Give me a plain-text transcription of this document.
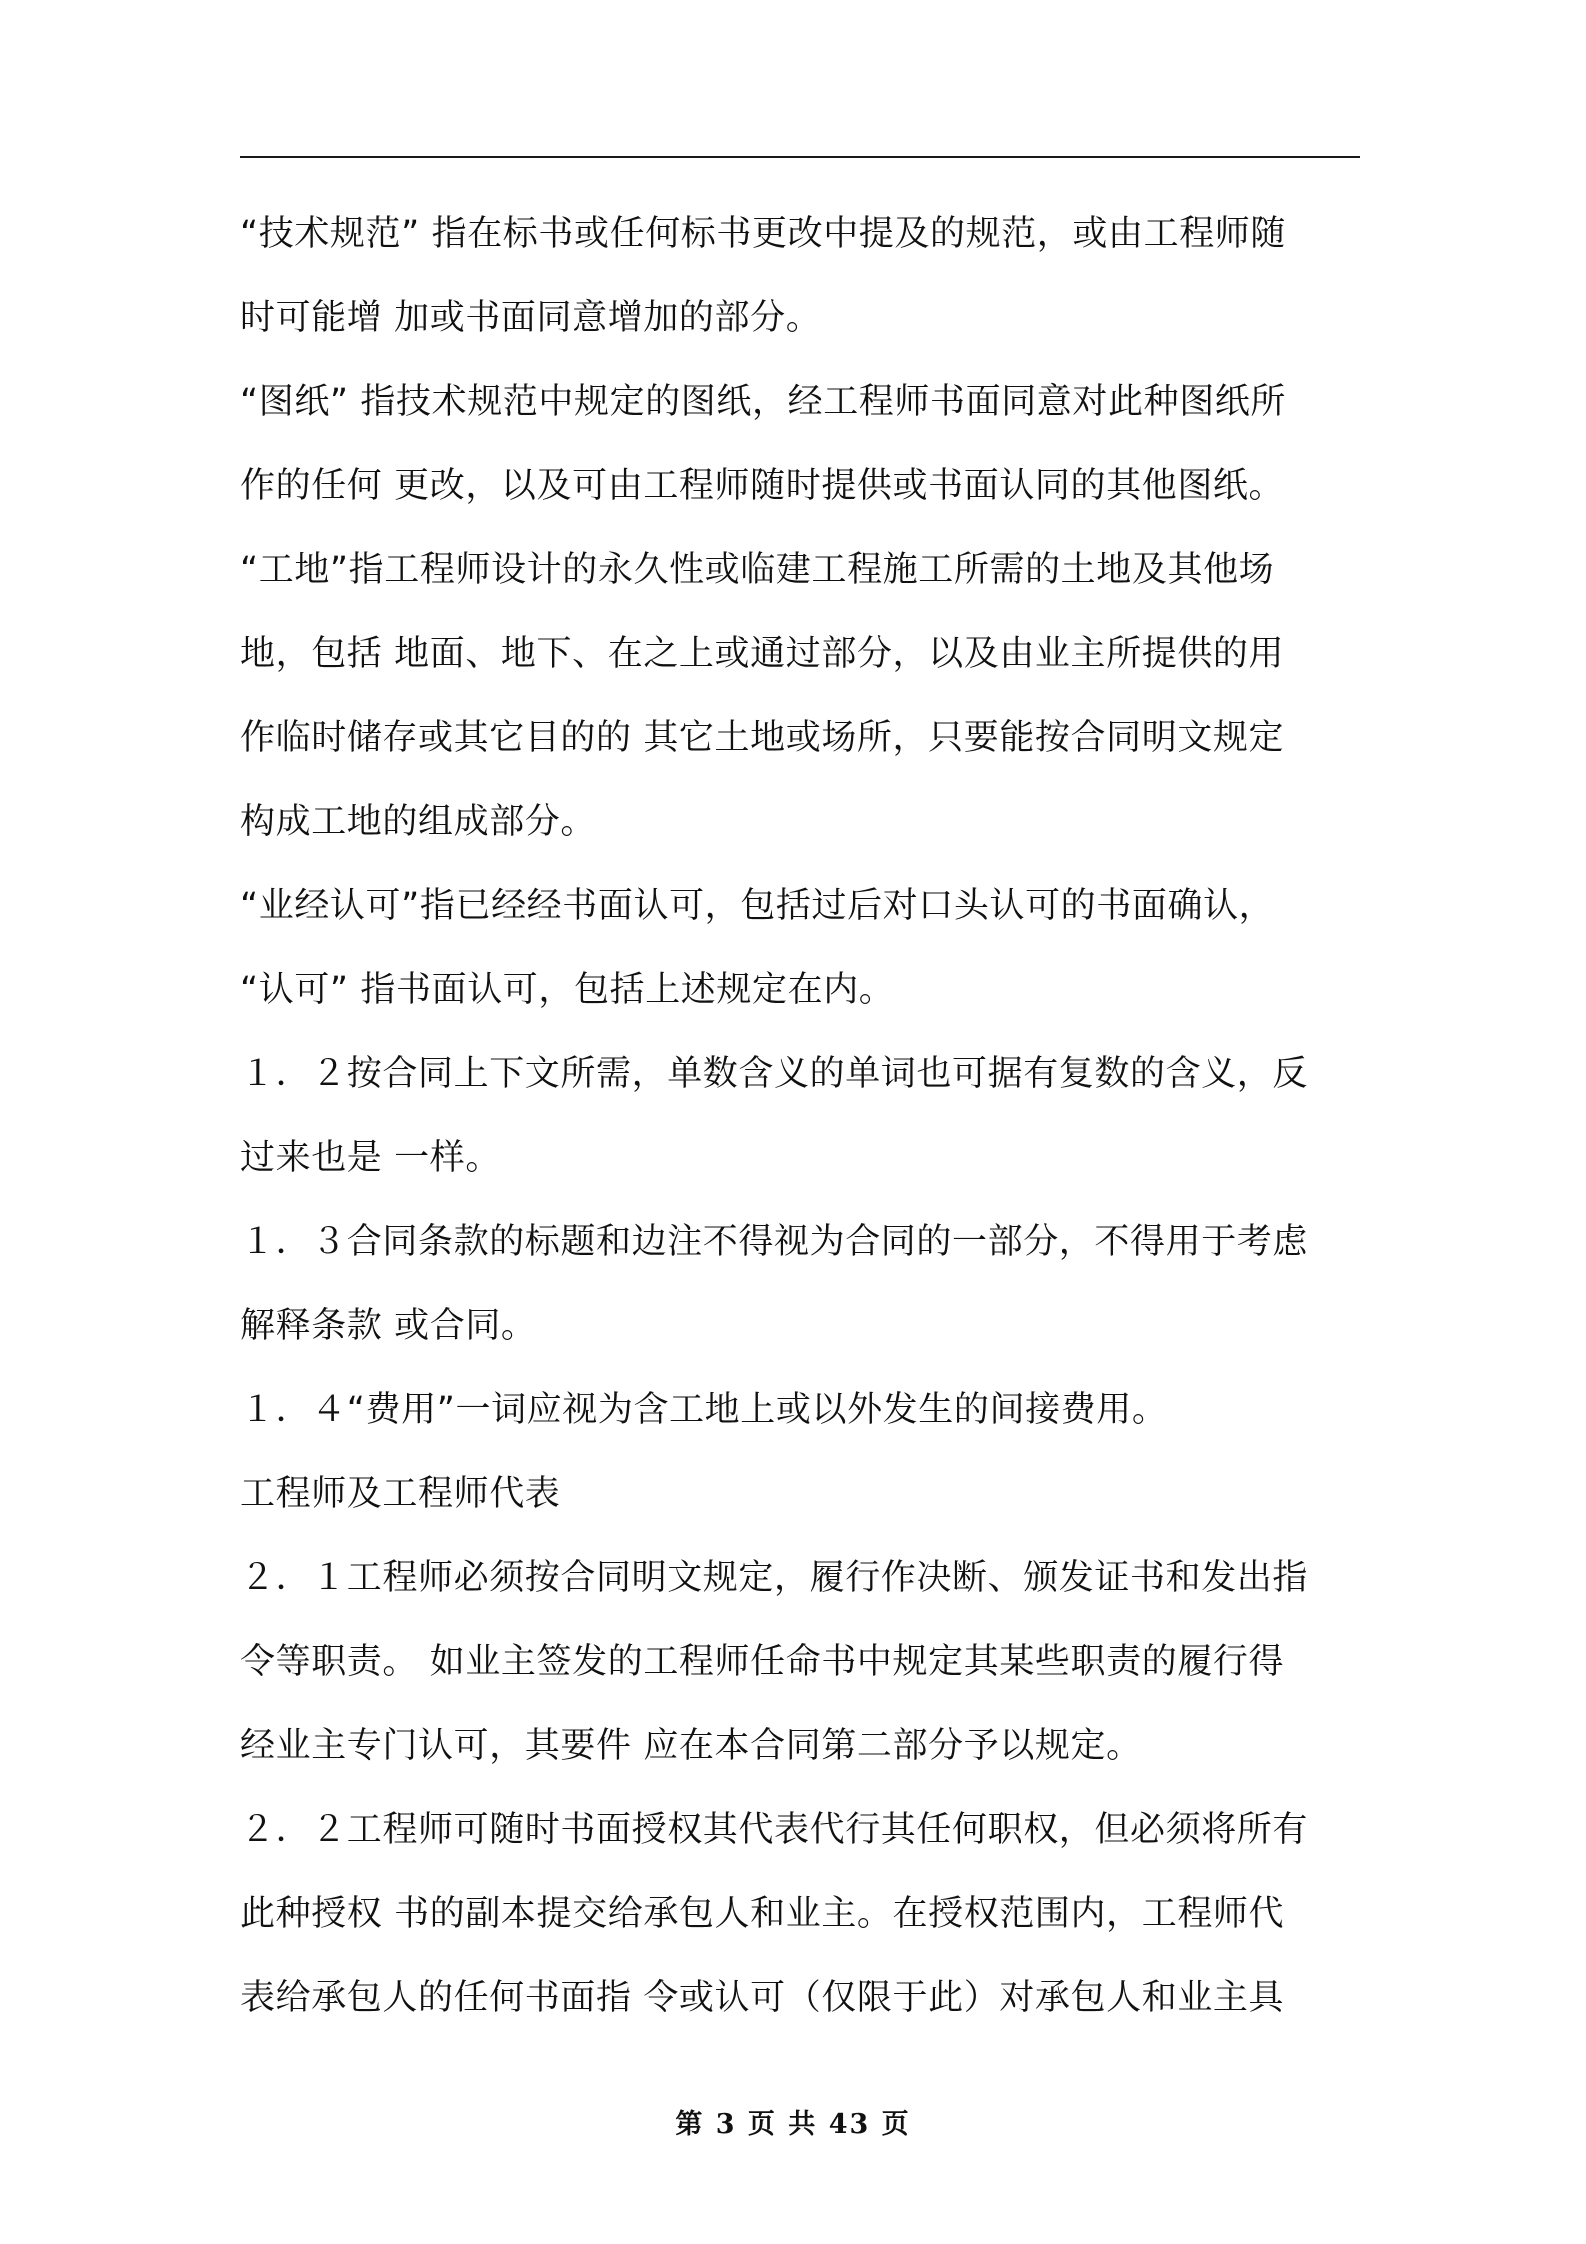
“技术规范” 指在标书或任何标书更改中提及的规范，或由工程师随
时可能增 加或书面同意增加的部分。
“图纸” 指技术规范中规定的图纸，经工程师书面同意对此种图纸所
作的任何 更改，以及可由工程师随时提供或书面认同的其他图纸。
“工地”指工程师设计的永久性或临建工程施工所需的土地及其他场
地，包括 地面、地下、在之上或通过部分，以及由业主所提供的用
作临时储存或其它目的的 其它土地或场所，只要能按合同明文规定
构成工地的组成部分。
“业经认可”指已经经书面认可，包括过后对口头认可的书面确认，
“认可” 指书面认可，包括上述规定在内。
１．２按合同上下文所需，单数含义的单词也可据有复数的含义，反
过来也是 一样。
１．３合同条款的标题和边注不得视为合同的一部分，不得用于考虑
解释条款 或合同。
１．４“费用”一词应视为含工地上或以外发生的间接费用。
工程师及工程师代表
２．１工程师必须按合同明文规定，履行作决断、颁发证书和发出指
令等职责。 如业主签发的工程师任命书中规定其某些职责的履行得
经业主专门认可，其要件 应在本合同第二部分予以规定。
２．２工程师可随时书面授权其代表代行其任何职权，但必须将所有
此种授权 书的副本提交给承包人和业主。在授权范围内，工程师代
表给承包人的任何书面指 令或认可（仅限于此）对承包人和业主具
第 3 页 共 43 页
